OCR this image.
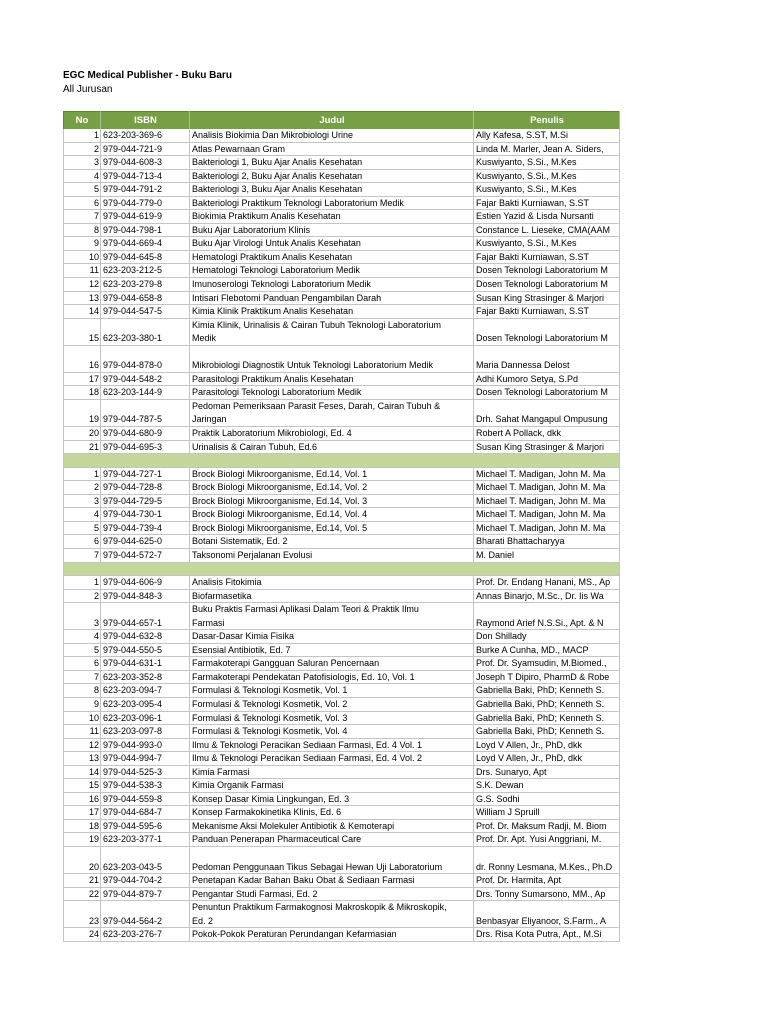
EGC Medical Publisher - Buku Baru
All Jurusan
No	ISBN	Judul	Penulis
1 623-203-369-6	Analisis Biokimia Dan Mikrobiologi Urine	Ally Kafesa, S.ST, M.Si
2 979-044-721-9	Atlas Pewarnaan Gram	Linda M. Marler, Jean A. Siders,
3 979-044-608-3	Bakteriologi 1, Buku Ajar Analis Kesehatan	Kuswiyanto, S.Si., M.Kes
4 979-044-713-4	Bakteriologi 2, Buku Ajar Analis Kesehatan	Kuswiyanto, S.Si., M.Kes
5 979-044-791-2	Bakteriologi 3, Buku Ajar Analis Kesehatan	Kuswiyanto, S.Si., M.Kes
6 979-044-779-0	Bakteriologi Praktikum Teknologi Laboratorium Medik	Fajar Bakti Kurniawan, S.ST
7 979-044-619-9	Biokimia Praktikum Analis Kesehatan	Estien Yazid & Lisda Nursanti
8 979-044-798-1	Buku Ajar Laboratorium Klinis	Constance L. Lieseke, CMA(AAM
9 979-044-669-4	Buku Ajar Virologi Untuk Analis Kesehatan	Kuswiyanto, S.Si., M.Kes
10 979-044-645-8	Hematologi Praktikum Analis Kesehatan	Fajar Bakti Kurniawan, S.ST
11 623-203-212-5	Hematologi Teknologi Laboratorium Medik	Dosen Teknologi Laboratorium M
12 623-203-279-8	Imunoserologi Teknologi Laboratorium Medik	Dosen Teknologi Laboratorium M
13 979-044-658-8	Intisari Flebotomi Panduan Pengambilan Darah	Susan King Strasinger & Marjori
14 979-044-547-5	Kimia Klinik Praktikum Analis Kesehatan	Fajar Bakti Kurniawan, S.ST
15 623-203-380-1
Kimia Klinik, Urinalisis & Cairan Tubuh Teknologi Laboratorium
Medik	Dosen Teknologi Laboratorium M
16 979-044-878-0	Mikrobiologi Diagnostik Untuk Teknologi Laboratorium Medik	Maria Dannessa Delost
17 979-044-548-2	Parasitologi Praktikum Analis Kesehatan	Adhi Kumoro Setya, S.Pd
18 623-203-144-9	Parasitologi Teknologi Laboratorium Medik	Dosen Teknologi Laboratorium M
19 979-044-787-5
Pedoman Pemeriksaan Parasit Feses, Darah, Cairan Tubuh &
Jaringan	Drh. Sahat Mangapul Ompusung
20 979-044-680-9	Praktik Laboratorium Mikrobiologi, Ed. 4	Robert A Pollack, dkk
21 979-044-695-3	Urinalisis & Cairan Tubuh, Ed.6	Susan King Strasinger & Marjori
1 979-044-727-1	Brock Biologi Mikroorganisme, Ed.14, Vol. 1	Michael T. Madigan, John M. Ma
2 979-044-728-8	Brock Biologi Mikroorganisme, Ed.14, Vol. 2	Michael T. Madigan, John M. Ma
3 979-044-729-5	Brock Biologi Mikroorganisme, Ed.14, Vol. 3	Michael T. Madigan, John M. Ma
4 979-044-730-1	Brock Biologi Mikroorganisme, Ed.14, Vol. 4	Michael T. Madigan, John M. Ma
5 979-044-739-4	Brock Biologi Mikroorganisme, Ed.14, Vol. 5	Michael T. Madigan, John M. Ma
6 979-044-625-0	Botani Sistematik, Ed. 2	Bharati Bhattacharyya
7 979-044-572-7	Taksonomi Perjalanan Evolusi	M. Daniel
1 979-044-606-9	Analisis Fitokimia	Prof. Dr. Endang Hanani, MS., Ap
2 979-044-848-3	Biofarmasetika	Annas Binarjo, M.Sc., Dr. Iis Wa
3 979-044-657-1
Buku Praktis Farmasi Aplikasi Dalam Teori & Praktik Ilmu
Farmasi	Raymond Arief N.S.Si., Apt. & N
4 979-044-632-8	Dasar-Dasar Kimia Fisika	Don Shillady
5 979-044-550-5	Esensial Antibiotik, Ed. 7	Burke A Cunha, MD., MACP
6 979-044-631-1	Farmakoterapi Gangguan Saluran Pencernaan	Prof. Dr. Syamsudin, M.Biomed.,
7 623-203-352-8	Farmakoterapi Pendekatan Patofisiologis, Ed. 10, Vol. 1	Joseph T Dipiro, PharmD & Robe
8 623-203-094-7	Formulasi & Teknologi Kosmetik, Vol. 1	Gabriella Baki, PhD; Kenneth S.
9 623-203-095-4	Formulasi & Teknologi Kosmetik, Vol. 2	Gabriella Baki, PhD; Kenneth S.
10 623-203-096-1	Formulasi & Teknologi Kosmetik, Vol. 3	Gabriella Baki, PhD; Kenneth S.
11 623-203-097-8	Formulasi & Teknologi Kosmetik, Vol. 4	Gabriella Baki, PhD; Kenneth S.
12 979-044-993-0	Ilmu & Teknologi Peracikan Sediaan Farmasi, Ed. 4 Vol. 1	Loyd V Allen, Jr., PhD, dkk
13 979-044-994-7	Ilmu & Teknologi Peracikan Sediaan Farmasi, Ed. 4 Vol. 2	Loyd V Allen, Jr., PhD, dkk
14 979-044-525-3	Kimia Farmasi	Drs. Sunaryo, Apt
15 979-044-538-3	Kimia Organik Farmasi	S.K. Dewan
16 979-044-559-8	Konsep Dasar Kimia Lingkungan, Ed. 3	G.S. Sodhi
17 979-044-684-7	Konsep Farmakokinetika Klinis, Ed. 6	William J Spruill
18 979-044-595-6	Mekanisme Aksi Molekuler Antibiotik & Kemoterapi	Prof. Dr. Maksum Radji, M. Biom
19 623-203-377-1	Panduan Penerapan Pharmaceutical Care	Prof. Dr. Apt. Yusi Anggriani, M.
20 623-203-043-5	Pedoman Penggunaan Tikus Sebagai Hewan Uji Laboratorium	dr. Ronny Lesmana, M.Kes., Ph.D
21 979-044-704-2	Penetapan Kadar Bahan Baku Obat & Sediaan Farmasi	Prof. Dr. Harmita, Apt
22 979-044-879-7	Pengantar Studi Farmasi, Ed. 2	Drs. Tonny Sumarsono, MM., Ap
23 979-044-564-2
Penuntun Praktikum Farmakognosi Makroskopik & Mikroskopik,
Ed. 2	Benbasyar Eliyanoor, S.Farm., A
24 623-203-276-7	Pokok-Pokok Peraturan Perundangan Kefarmasian	Drs. Risa Kota Putra, Apt., M.Si
